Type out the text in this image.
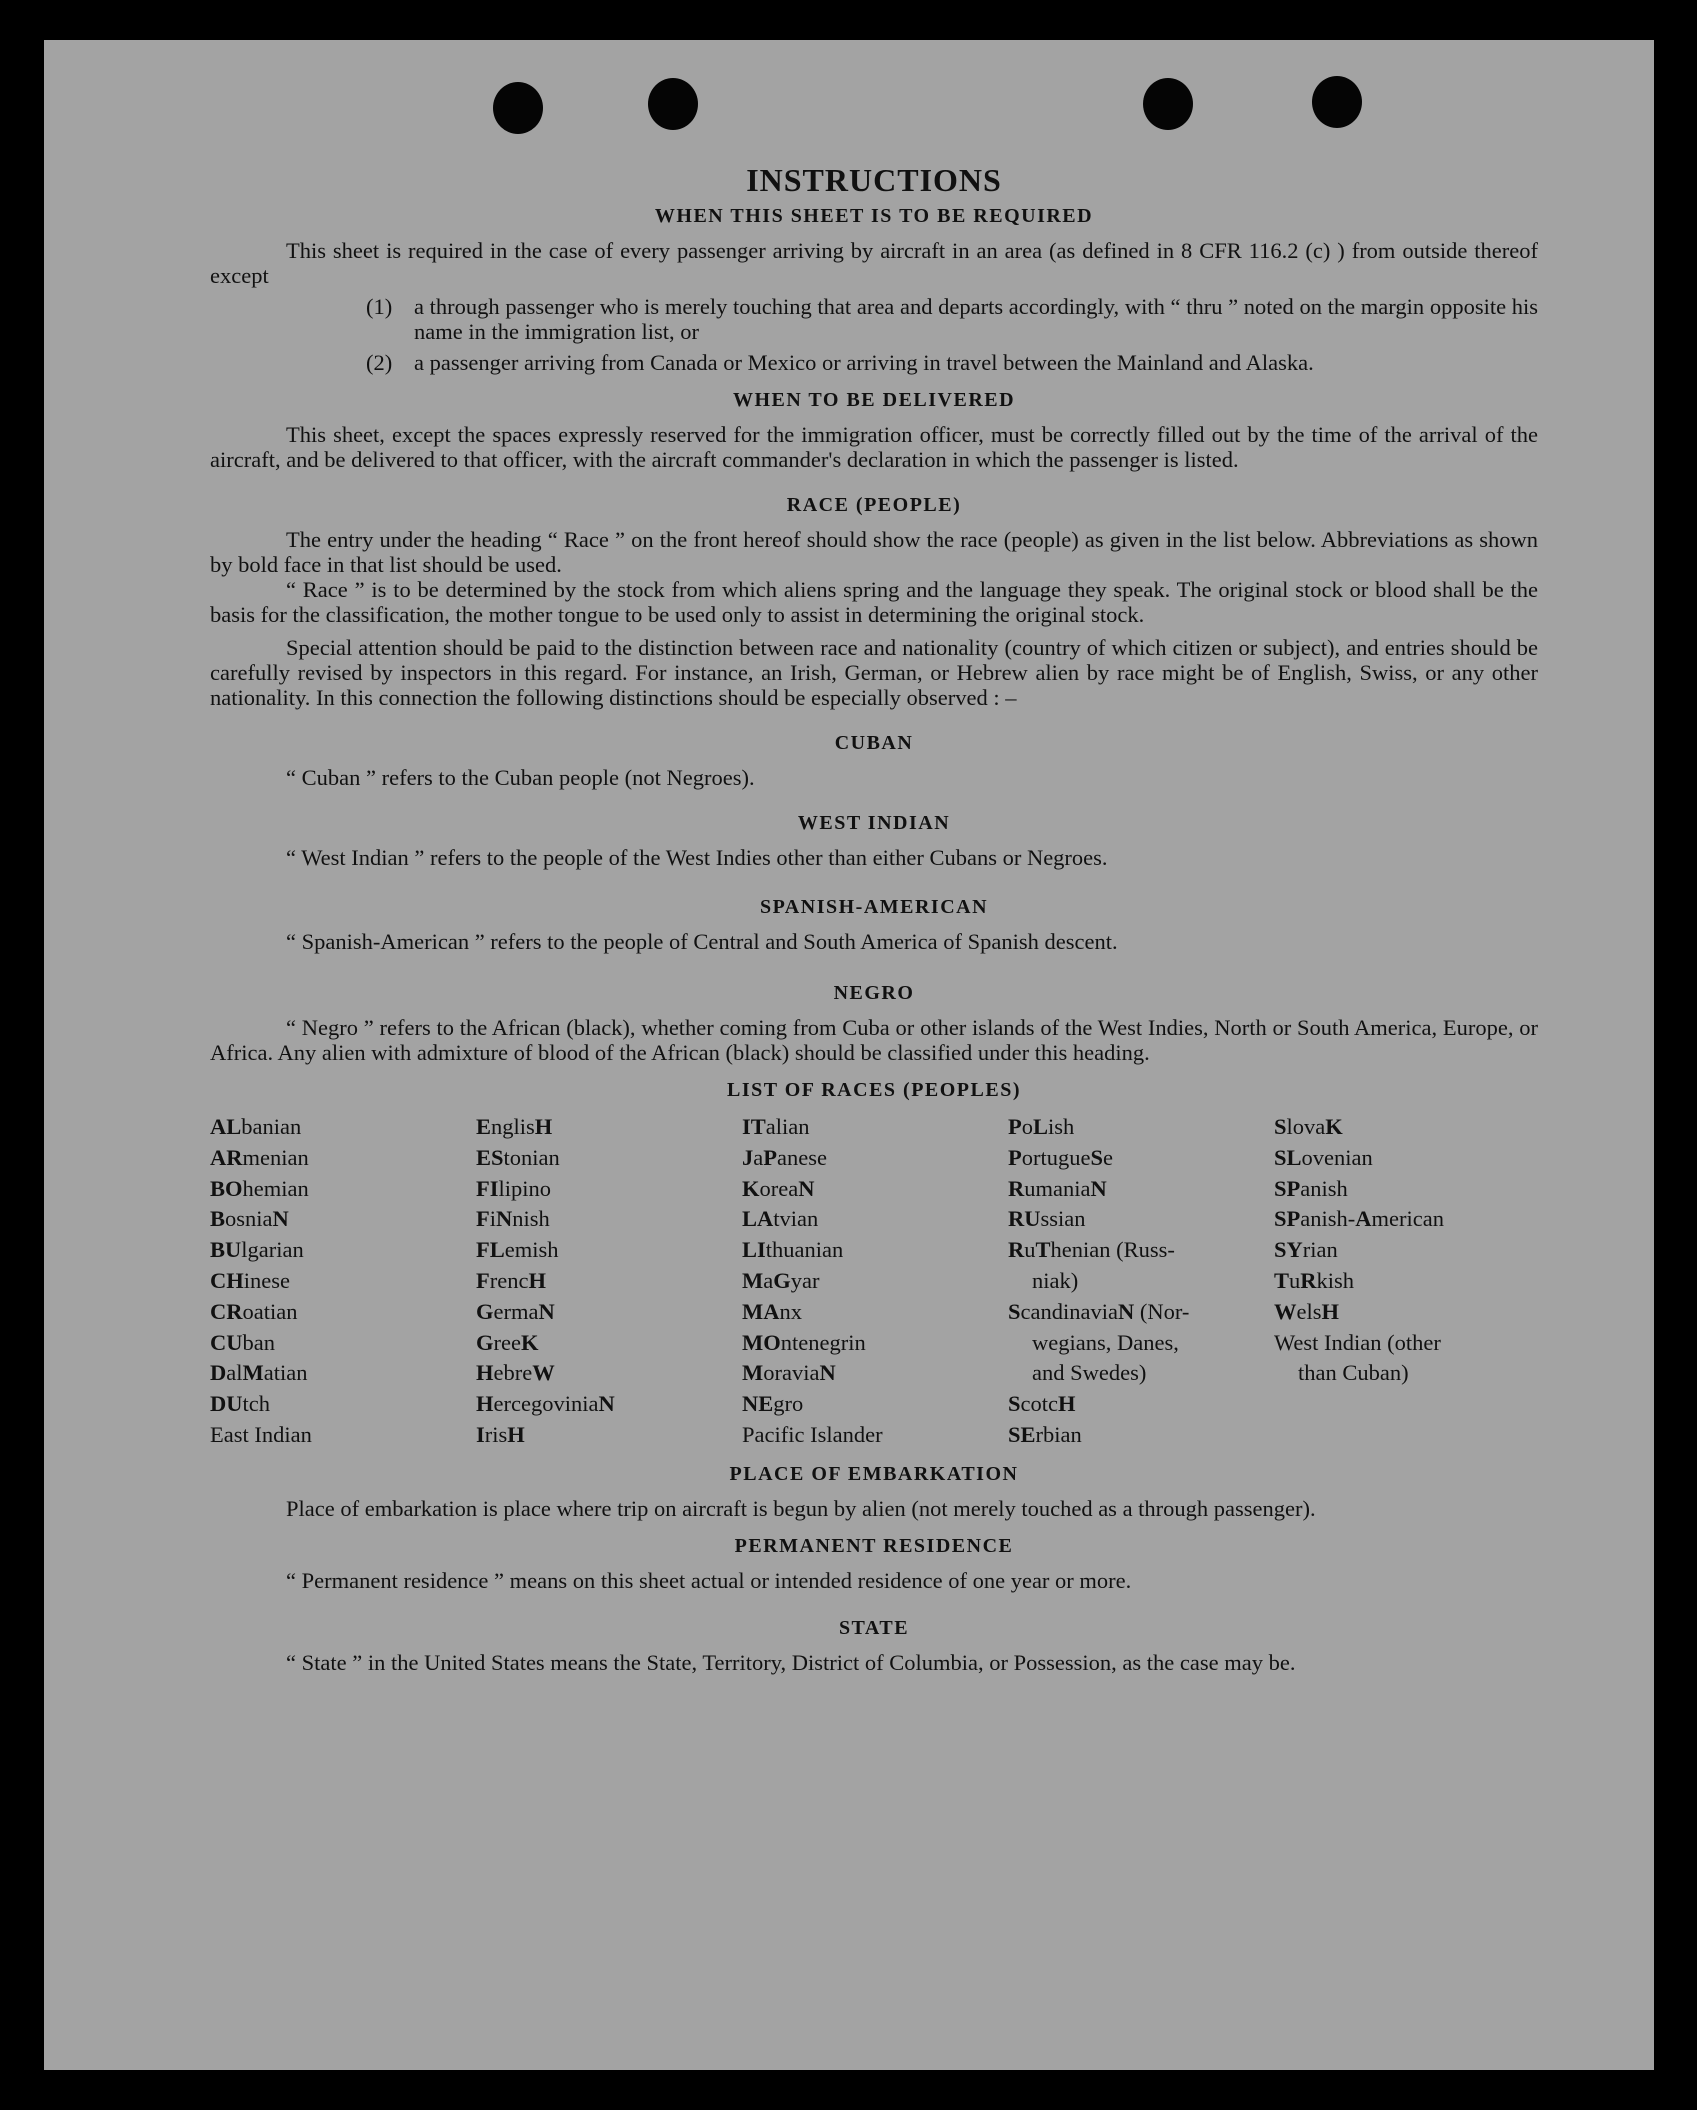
INSTRUCTIONS
WHEN THIS SHEET IS TO BE REQUIRED

This sheet is required in the case of every passenger arriving by aircraft in an area (as defined in 8 CFR 116.2 (c) ) from outside thereof except

(1) a through passenger who is merely touching that area and departs accordingly, with “ thru ” noted on the margin opposite his name in the immigration list, or
(2) a passenger arriving from Canada or Mexico or arriving in travel between the Mainland and Alaska.
WHEN TO BE DELIVERED

This sheet, except the spaces expressly reserved for the immigration officer, must be correctly filled out by the time of the arrival of the aircraft, and be delivered to that officer, with the aircraft commander's declaration in which the passenger is listed.

RACE (PEOPLE)

The entry under the heading “ Race ” on the front hereof should show the race (people) as given in the list below. Abbreviations as shown by bold face in that list should be used.

“ Race ” is to be determined by the stock from which aliens spring and the language they speak. The original stock or blood shall be the basis for the classification, the mother tongue to be used only to assist in determining the original stock.

Special attention should be paid to the distinction between race and nationality (country of which citizen or subject), and entries should be carefully revised by inspectors in this regard. For instance, an Irish, German, or Hebrew alien by race might be of English, Swiss, or any other nationality. In this connection the following distinctions should be especially observed : –

CUBAN

“ Cuban ” refers to the Cuban people (not Negroes).

WEST INDIAN

“ West Indian ” refers to the people of the West Indies other than either Cubans or Negroes.

SPANISH-AMERICAN

“ Spanish-American ” refers to the people of Central and South America of Spanish descent.

NEGRO

“ Negro ” refers to the African (black), whether coming from Cuba or other islands of the West Indies, North or South America, Europe, or Africa. Any alien with admixture of blood of the African (black) should be classified under this heading.

LIST OF RACES (PEOPLES)
ALbanian
ARmenian
BOhemian
BosniaN
BUlgarian
CHinese
CRoatian
CUban
DalMatian
DUtch
East Indian
EnglisH
EStonian
FIlipino
FiNnish
FLemish
FrencH
GermaN
GreeK
HebreW
HercegoviniaN
IrisH
ITalian
JaPanese
KoreaN
LAtvian
LIthuanian
MaGyar
MAnx
MOntenegrin
MoraviaN
NEgro
Pacific Islander
PoLish
PortugueSe
RumaniaN
RUssian
RuThenian (Russ-
niak)
ScandinaviaN (Nor-
wegians, Danes,
and Swedes)
ScotcH
SErbian
SlovaK
SLovenian
SPanish
SPanish-American
SYrian
TuRkish
WelsH
West Indian (other
than Cuban)
PLACE OF EMBARKATION

Place of embarkation is place where trip on aircraft is begun by alien (not merely touched as a through passenger).

PERMANENT RESIDENCE

“ Permanent residence ” means on this sheet actual or intended residence of one year or more.

STATE

“ State ” in the United States means the State, Territory, District of Columbia, or Possession, as the case may be.
